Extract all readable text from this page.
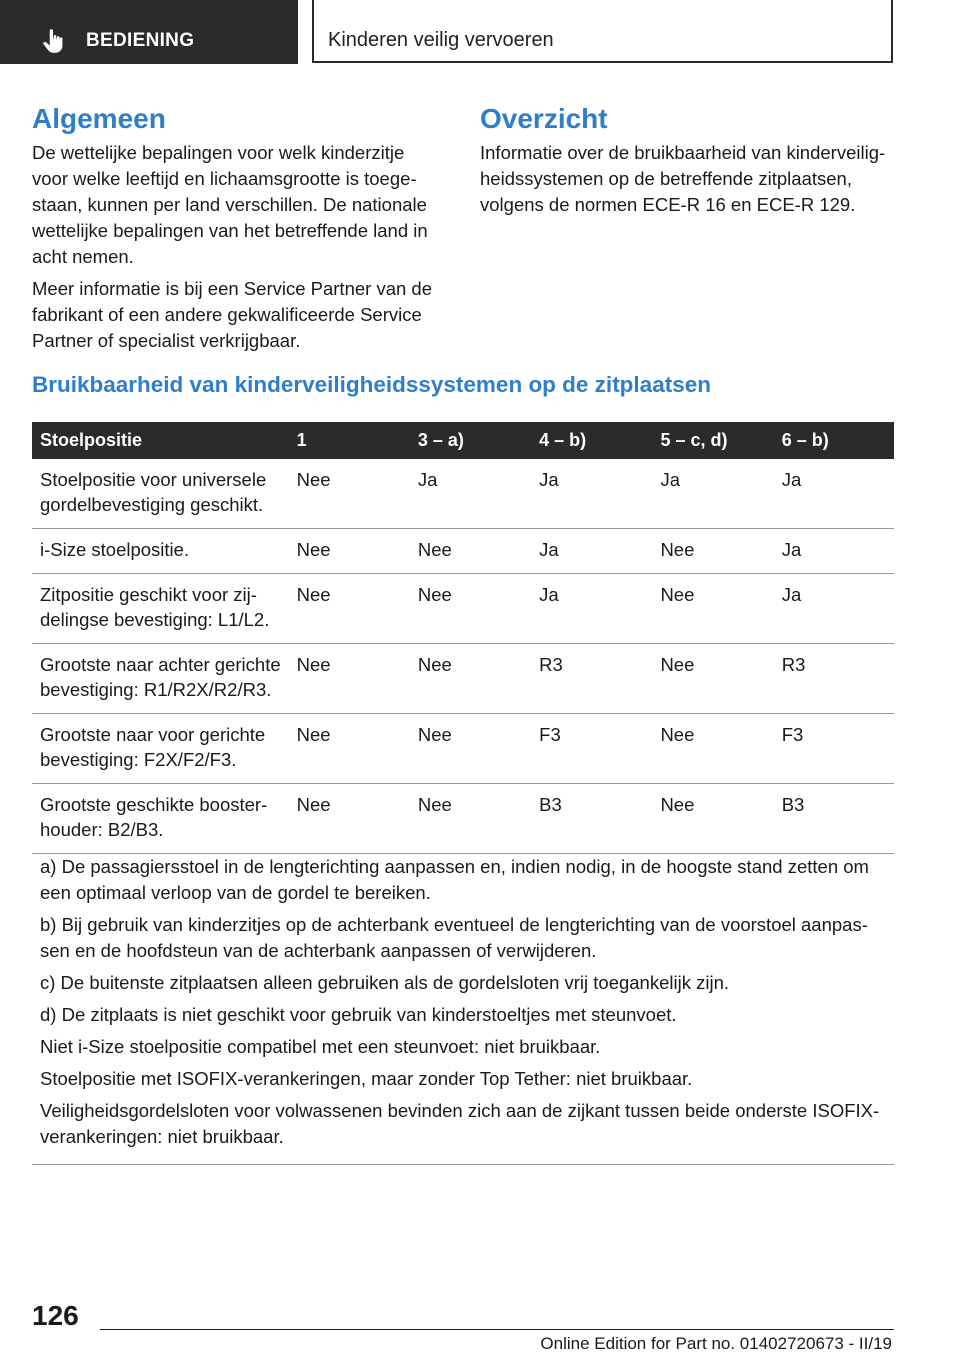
BEDIENING	Kinderen veilig vervoeren
Algemeen

De wettelijke bepalingen voor welk kinderzitje voor welke leeftijd en lichaamsgrootte is toegestaan, kunnen per land verschillen. De nationale wettelijke bepalingen van het betreffende land in acht nemen.

Meer informatie is bij een Service Partner van de fabrikant of een andere gekwalificeerde Service Partner of specialist verkrijgbaar.

Overzicht

Informatie over de bruikbaarheid van kinderveiligheidssystemen op de betreffende zitplaatsen, volgens de normen ECE-R 16 en ECE-R 129.

Bruikbaarheid van kinderveiligheidssystemen op de zitplaatsen
Stoelpositie	1	3 – a)	4 – b)	5 – c, d)	6 – b)
Stoelpositie voor universele gordelbevestiging geschikt.	Nee	Ja	Ja	Ja	Ja
i-Size stoelpositie.	Nee	Nee	Ja	Nee	Ja
Zitpositie geschikt voor zijdelingse bevestiging: L1/L2.	Nee	Nee	Ja	Nee	Ja
Grootste naar achter gerichte bevestiging: R1/R2X/R2/R3.	Nee	Nee	R3	Nee	R3
Grootste naar voor gerichte bevestiging: F2X/F2/F3.	Nee	Nee	F3	Nee	F3
Grootste geschikte boosterhouder: B2/B3.	Nee	Nee	B3	Nee	B3

a) De passagiersstoel in de lengterichting aanpassen en, indien nodig, in de hoogste stand zetten om een optimaal verloop van de gordel te bereiken.

b) Bij gebruik van kinderzitjes op de achterbank eventueel de lengterichting van de voorstoel aanpassen en de hoofdsteun van de achterbank aanpassen of verwijderen.

c) De buitenste zitplaatsen alleen gebruiken als de gordelsloten vrij toegankelijk zijn.

d) De zitplaats is niet geschikt voor gebruik van kinderstoeltjes met steunvoet.

Niet i-Size stoelpositie compatibel met een steunvoet: niet bruikbaar.

Stoelpositie met ISOFIX-verankeringen, maar zonder Top Tether: niet bruikbaar.

Veiligheidsgordelsloten voor volwassenen bevinden zich aan de zijkant tussen beide onderste ISOFIX-verankeringen: niet bruikbaar.

126
Online Edition for Part no. 01402720673 - II/19
